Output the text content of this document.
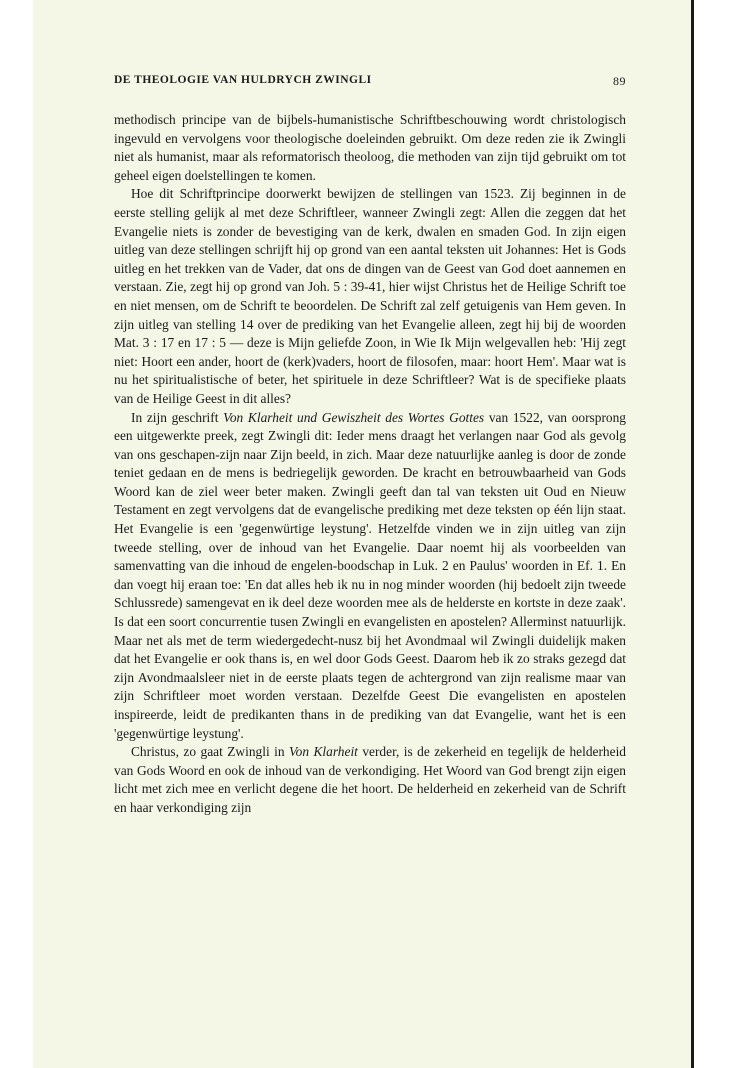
DE THEOLOGIE VAN HULDRYCH ZWINGLI	89

methodisch principe van de bijbels-humanistische Schriftbeschouwing wordt christologisch ingevuld en vervolgens voor theologische doeleinden gebruikt. Om deze reden zie ik Zwingli niet als humanist, maar als reformatorisch theoloog, die methoden van zijn tijd gebruikt om tot geheel eigen doelstellingen te komen.

Hoe dit Schriftprincipe doorwerkt bewijzen de stellingen van 1523. Zij beginnen in de eerste stelling gelijk al met deze Schriftleer, wanneer Zwingli zegt: Allen die zeggen dat het Evangelie niets is zonder de bevestiging van de kerk, dwalen en smaden God. In zijn eigen uitleg van deze stellingen schrijft hij op grond van een aantal teksten uit Johannes: Het is Gods uitleg en het trekken van de Vader, dat ons de dingen van de Geest van God doet aannemen en verstaan. Zie, zegt hij op grond van Joh. 5 : 39-41, hier wijst Christus het de Heilige Schrift toe en niet mensen, om de Schrift te beoordelen. De Schrift zal zelf getuigenis van Hem geven. In zijn uitleg van stelling 14 over de prediking van het Evangelie alleen, zegt hij bij de woorden Mat. 3 : 17 en 17 : 5 — deze is Mijn geliefde Zoon, in Wie Ik Mijn welgevallen heb: 'Hij zegt niet: Hoort een ander, hoort de (kerk)vaders, hoort de filosofen, maar: hoort Hem'. Maar wat is nu het spiritualistische of beter, het spirituele in deze Schriftleer? Wat is de specifieke plaats van de Heilige Geest in dit alles?

In zijn geschrift Von Klarheit und Gewiszheit des Wortes Gottes van 1522, van oorsprong een uitgewerkte preek, zegt Zwingli dit: Ieder mens draagt het verlangen naar God als gevolg van ons geschapen-zijn naar Zijn beeld, in zich. Maar deze natuurlijke aanleg is door de zonde teniet gedaan en de mens is bedriegelijk geworden. De kracht en betrouwbaarheid van Gods Woord kan de ziel weer beter maken. Zwingli geeft dan tal van teksten uit Oud en Nieuw Testament en zegt vervolgens dat de evangelische prediking met deze teksten op één lijn staat. Het Evangelie is een 'gegenwürtige leystung'. Hetzelfde vinden we in zijn uitleg van zijn tweede stelling, over de inhoud van het Evangelie. Daar noemt hij als voorbeelden van samenvatting van die inhoud de engelen-boodschap in Luk. 2 en Paulus' woorden in Ef. 1. En dan voegt hij eraan toe: 'En dat alles heb ik nu in nog minder woorden (hij bedoelt zijn tweede Schlussrede) samengevat en ik deel deze woorden mee als de helderste en kortste in deze zaak'. Is dat een soort concurrentie tusen Zwingli en evangelisten en apostelen? Allerminst natuurlijk. Maar net als met de term wiedergedecht-nusz bij het Avondmaal wil Zwingli duidelijk maken dat het Evangelie er ook thans is, en wel door Gods Geest. Daarom heb ik zo straks gezegd dat zijn Avondmaalsleer niet in de eerste plaats tegen de achtergrond van zijn realisme maar van zijn Schriftleer moet worden verstaan. Dezelfde Geest Die evangelisten en apostelen inspireerde, leidt de predikanten thans in de prediking van dat Evangelie, want het is een 'gegenwürtige leystung'.

Christus, zo gaat Zwingli in Von Klarheit verder, is de zekerheid en tegelijk de helderheid van Gods Woord en ook de inhoud van de verkondiging. Het Woord van God brengt zijn eigen licht met zich mee en verlicht degene die het hoort. De helderheid en zekerheid van de Schrift en haar verkondiging zijn
